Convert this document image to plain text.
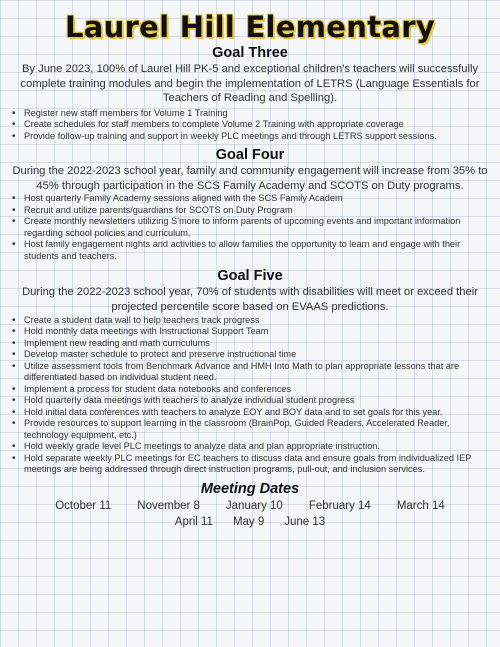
Laurel Hill Elementary
Goal Three

By June 2023, 100% of Laurel Hill PK-5 and exceptional children's teachers will successfully complete training modules and begin the implementation of LETRS (Language Essentials for Teachers of Reading and Spelling).

• Register new staff members for Volume 1 Training
• Create schedules for staff members to complete Volume 2 Training with appropriate coverage
• Provide follow-up training and support in weekly PLC meetings and through LETRS support sessions.
Goal Four

During the 2022-2023 school year, family and community engagement will increase from 35% to 45% through participation in the SCS Family Academy and SCOTS on Duty programs.

• Host quarterly Family Academy sessions aligned with the SCS Family Academ
• Recruit and utilize parents/guardians for SCOTS on Duty Program
• Create monthly newsletters utilizing S'more to inform parents of upcoming events and important information regarding school policies and curriculum.
• Host family engagement nights and activities to allow families the opportunity to learn and engage with their students and teachers.
Goal Five

During the 2022-2023 school year, 70% of students with disabilities will meet or exceed their projected percentile score based on EVAAS predictions.

• Create a student data wall to help teachers track progress
• Hold monthly data meetings with Instructional Support Team
• Implement new reading and math curriculums
• Develop master schedule to protect and preserve instructional time
• Utilize assessment tools from Benchmark Advance and HMH Into Math to plan appropriate lessons that are differentiated based on individual student need.
• Implement a process for student data notebooks and conferences
• Hold quarterly data meetings with teachers to analyze individual student progress
• Hold initial data conferences with teachers to analyze EOY and BOY data and to set goals for this year.
• Provide resources to support learning in the classroom (BrainPop, Guided Readers, Accelerated Reader, technology equipment, etc.)
• Hold weekly grade level PLC meetings to analyze data and plan appropriate instruction.
• Hold separate weekly PLC meetings for EC teachers to discuss data and ensure goals from individualized IEP meetings are being addressed through direct instruction programs, pull-out, and inclusion services.
Meeting Dates
October 11 November 8 January 10 February 14 March 14
April 11 May 9 June 13
